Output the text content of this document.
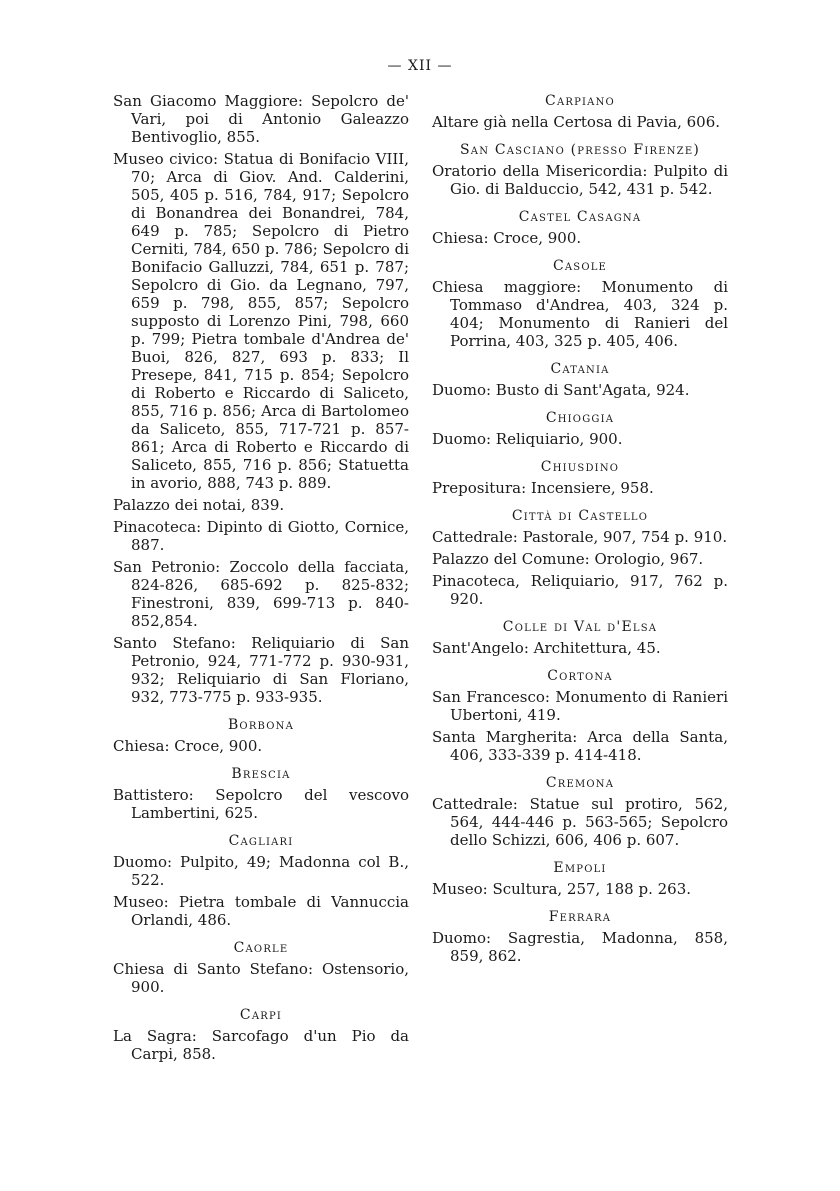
— XII —
San Giacomo Maggiore: Sepolcro de' Vari, poi di Antonio Galeazzo Bentivoglio, 855.
Museo civico: Statua di Bonifacio VIII, 70; Arca di Giov. And. Calderini, 505, 405 p. 516, 784, 917; Sepolcro di Bonandrea dei Bonandrei, 784, 649 p. 785; Sepolcro di Pietro Cerniti, 784, 650 p. 786; Sepolcro di Bonifacio Galluzzi, 784, 651 p. 787; Sepolcro di Gio. da Legnano, 797, 659 p. 798, 855, 857; Sepolcro supposto di Lorenzo Pini, 798, 660 p. 799; Pietra tombale d'Andrea de' Buoi, 826, 827, 693 p. 833; Il Presepe, 841, 715 p. 854; Sepolcro di Roberto e Riccardo di Saliceto, 855, 716 p. 856; Arca di Bartolomeo da Saliceto, 855, 717-721 p. 857-861; Arca di Roberto e Riccardo di Saliceto, 855, 716 p. 856; Statuetta in avorio, 888, 743 p. 889.
Palazzo dei notai, 839.
Pinacoteca: Dipinto di Giotto, Cornice, 887.
San Petronio: Zoccolo della facciata, 824-826, 685-692 p. 825-832; Finestroni, 839, 699-713 p. 840-852,854.
Santo Stefano: Reliquiario di San Petronio, 924, 771-772 p. 930-931, 932; Reliquiario di San Floriano, 932, 773-775 p. 933-935.
Borbona
Chiesa: Croce, 900.
Brescia
Battistero: Sepolcro del vescovo Lambertini, 625.
Cagliari
Duomo: Pulpito, 49; Madonna col B., 522.
Museo: Pietra tombale di Vannuccia Orlandi, 486.
Caorle
Chiesa di Santo Stefano: Ostensorio, 900.
Carpi
La Sagra: Sarcofago d'un Pio da Carpi, 858.
Carpiano
Altare già nella Certosa di Pavia, 606.
San Casciano (presso Firenze)
Oratorio della Misericordia: Pulpito di Gio. di Balduccio, 542, 431 p. 542.
Castel Casagna
Chiesa: Croce, 900.
Casole
Chiesa maggiore: Monumento di Tommaso d'Andrea, 403, 324 p. 404; Monumento di Ranieri del Porrina, 403, 325 p. 405, 406.
Catania
Duomo: Busto di Sant'Agata, 924.
Chioggia
Duomo: Reliquiario, 900.
Chiusdino
Prepositura: Incensiere, 958.
Città di Castello
Cattedrale: Pastorale, 907, 754 p. 910.
Palazzo del Comune: Orologio, 967.
Pinacoteca, Reliquiario, 917, 762 p. 920.
Colle di Val d'Elsa
Sant'Angelo: Architettura, 45.
Cortona
San Francesco: Monumento di Ranieri Ubertoni, 419.
Santa Margherita: Arca della Santa, 406, 333-339 p. 414-418.
Cremona
Cattedrale: Statue sul protiro, 562, 564, 444-446 p. 563-565; Sepolcro dello Schizzi, 606, 406 p. 607.
Empoli
Museo: Scultura, 257, 188 p. 263.
Ferrara
Duomo: Sagrestia, Madonna, 858, 859, 862.
